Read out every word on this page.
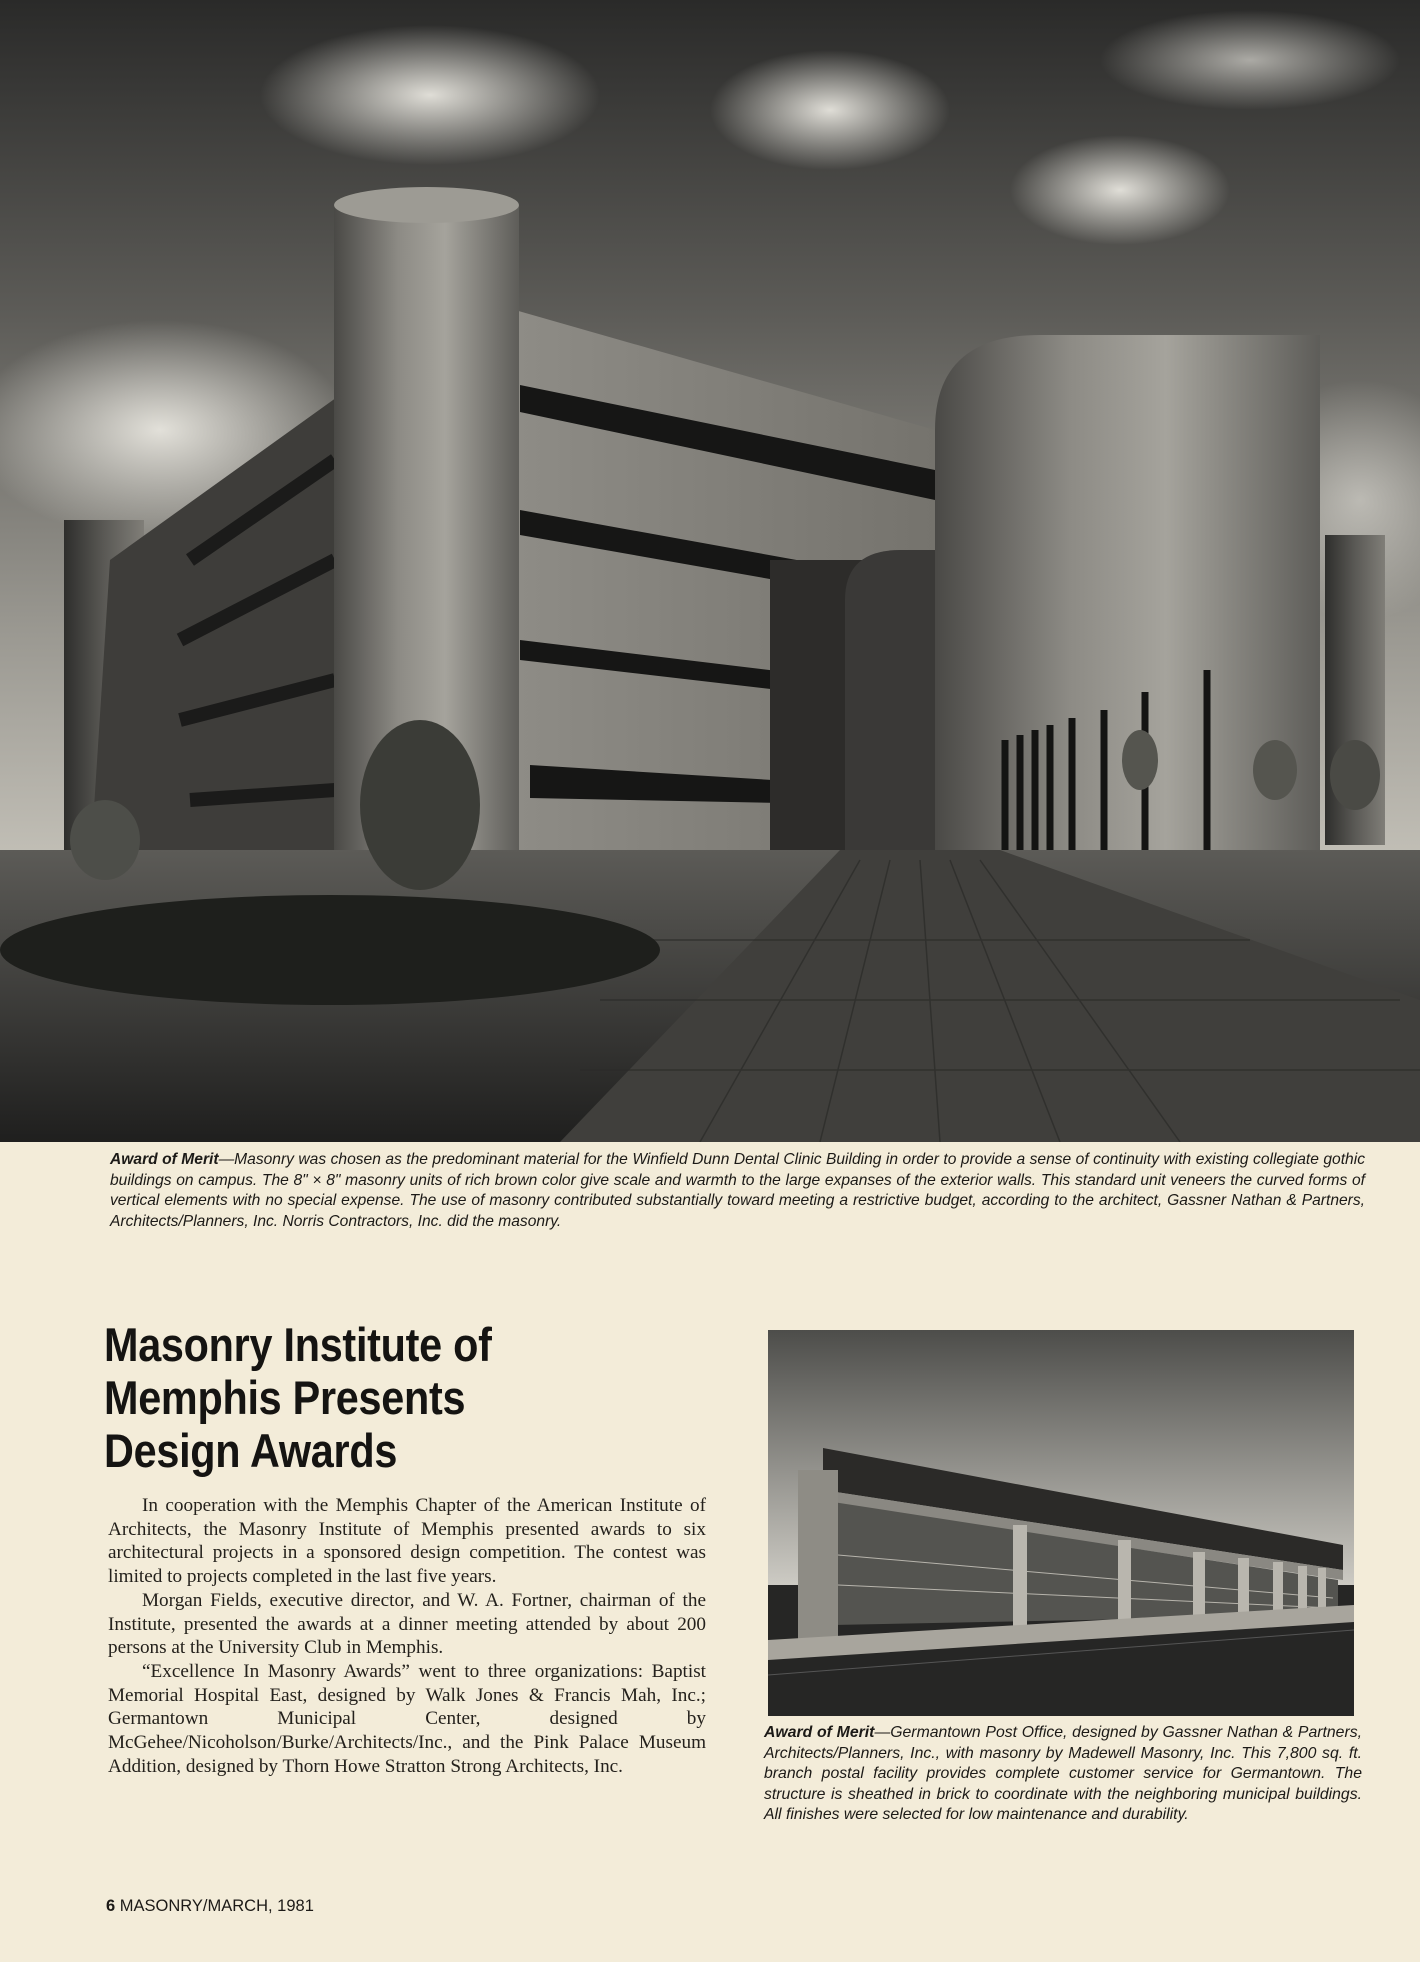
Award of Merit—Masonry was chosen as the predominant material for the Winfield Dunn Dental Clinic Building in order to provide a sense of continuity with existing collegiate gothic buildings on campus. The 8" × 8" masonry units of rich brown color give scale and warmth to the large expanses of the exterior walls. This standard unit veneers the curved forms of vertical elements with no special expense. The use of masonry contributed substantially toward meeting a restrictive budget, according to the architect, Gassner Nathan & Partners, Architects/Planners, Inc. Norris Contractors, Inc. did the masonry.
Masonry Institute of
Memphis Presents
Design Awards

In cooperation with the Memphis Chapter of the American Institute of Architects, the Masonry Institute of Memphis presented awards to six architectural projects in a sponsored design competition. The contest was limited to projects completed in the last five years.

Morgan Fields, executive director, and W. A. Fortner, chairman of the Institute, presented the awards at a dinner meeting attended by about 200 persons at the University Club in Memphis.

“Excellence In Masonry Awards” went to three organizations: Baptist Memorial Hospital East, designed by Walk Jones & Francis Mah, Inc.; Germantown Municipal Center, designed by McGehee/Nicoholson/Burke/Architects/Inc., and the Pink Palace Museum Addition, designed by Thorn Howe Stratton Strong Architects, Inc.

Award of Merit—Germantown Post Office, designed by Gassner Nathan & Partners, Architects/Planners, Inc., with masonry by Madewell Masonry, Inc. This 7,800 sq. ft. branch postal facility provides complete customer service for Germantown. The structure is sheathed in brick to coordinate with the neighboring municipal buildings. All finishes were selected for low maintenance and durability.
6 MASONRY/MARCH, 1981
